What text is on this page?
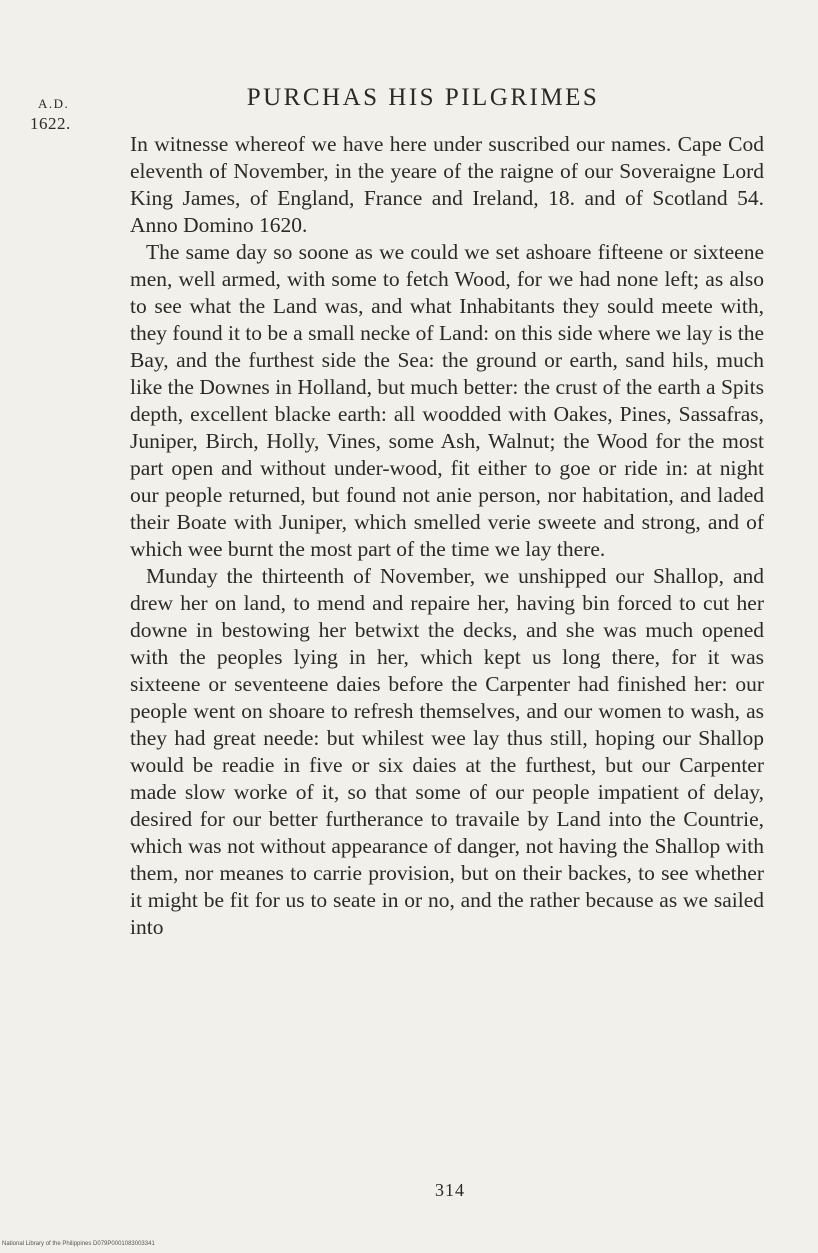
A.D.
1622.
PURCHAS HIS PILGRIMES

In witnesse whereof we have here under suscribed our names. Cape Cod eleventh of November, in the yeare of the raigne of our Soveraigne Lord King James, of England, France and Ireland, 18. and of Scotland 54. Anno Domino 1620.

The same day so soone as we could we set ashoare fifteene or sixteene men, well armed, with some to fetch Wood, for we had none left; as also to see what the Land was, and what Inhabitants they sould meete with, they found it to be a small necke of Land: on this side where we lay is the Bay, and the furthest side the Sea: the ground or earth, sand hils, much like the Downes in Holland, but much better: the crust of the earth a Spits depth, excellent blacke earth: all woodded with Oakes, Pines, Sassafras, Juniper, Birch, Holly, Vines, some Ash, Walnut; the Wood for the most part open and without under-wood, fit either to goe or ride in: at night our people returned, but found not anie person, nor habitation, and laded their Boate with Juniper, which smelled verie sweete and strong, and of which wee burnt the most part of the time we lay there.

Munday the thirteenth of November, we unshipped our Shallop, and drew her on land, to mend and repaire her, having bin forced to cut her downe in bestowing her betwixt the decks, and she was much opened with the peoples lying in her, which kept us long there, for it was sixteene or seventeene daies before the Carpenter had finished her: our people went on shoare to refresh themselves, and our women to wash, as they had great neede: but whilest wee lay thus still, hoping our Shallop would be readie in five or six daies at the furthest, but our Carpenter made slow worke of it, so that some of our people impatient of delay, desired for our better furtherance to travaile by Land into the Countrie, which was not without appearance of danger, not having the Shallop with them, nor meanes to carrie provision, but on their backes, to see whether it might be fit for us to seate in or no, and the rather because as we sailed into

314
National Library of the Philippines D079P0001083003341
